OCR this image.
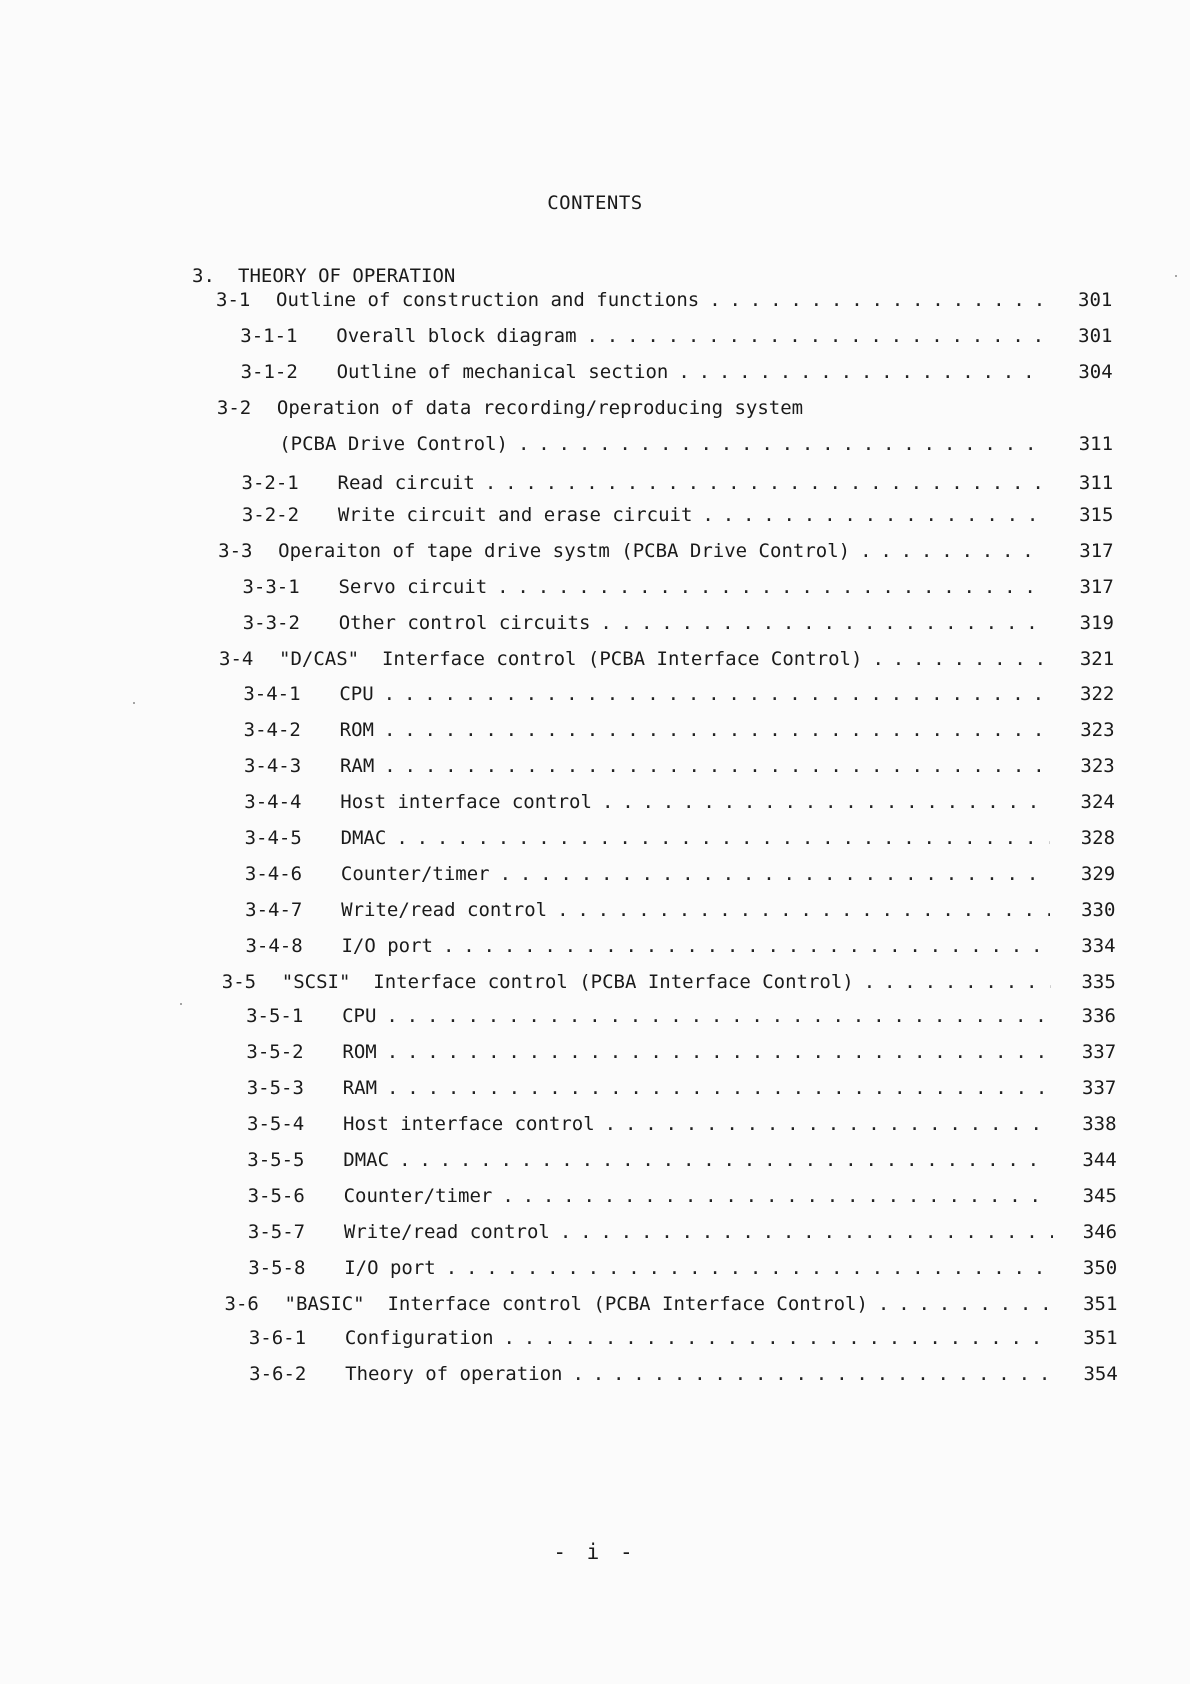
CONTENTS
3. THEORY OF OPERATION
3-1	Outline of construction and functions . . .	301
3-1-1	Overall block diagram . . .	301
3-1-2	Outline of mechanical section . . .	304
3-2	Operation of data recording/reproducing system
(PCBA Drive Control) . . .	311
3-2-1	Read circuit . . .	311
3-2-2	Write circuit and erase circuit . . .	315
3-3	Operaiton of tape drive systm (PCBA Drive Control) . . .	317
3-3-1	Servo circuit . . .	317
3-3-2	Other control circuits . . .	319
3-4	"D/CAS"  Interface control (PCBA Interface Control) . . .	321
3-4-1	CPU . . .	322
3-4-2	ROM . . .	323
3-4-3	RAM . . .	323
3-4-4	Host interface control . . .	324
3-4-5	DMAC . . .	328
3-4-6	Counter/timer . . .	329
3-4-7	Write/read control . . .	330
3-4-8	I/O port . . .	334
3-5	"SCSI"  Interface control (PCBA Interface Control) . . .	335
3-5-1	CPU . . .	336
3-5-2	ROM . . .	337
3-5-3	RAM . . .	337
3-5-4	Host interface control . . .	338
3-5-5	DMAC . . .	344
3-5-6	Counter/timer . . .	345
3-5-7	Write/read control . . .	346
3-5-8	I/O port . . .	350
3-6	"BASIC"  Interface control (PCBA Interface Control) . . .	351
3-6-1	Configuration . . .	351
3-6-2	Theory of operation . . .	354
- i -
